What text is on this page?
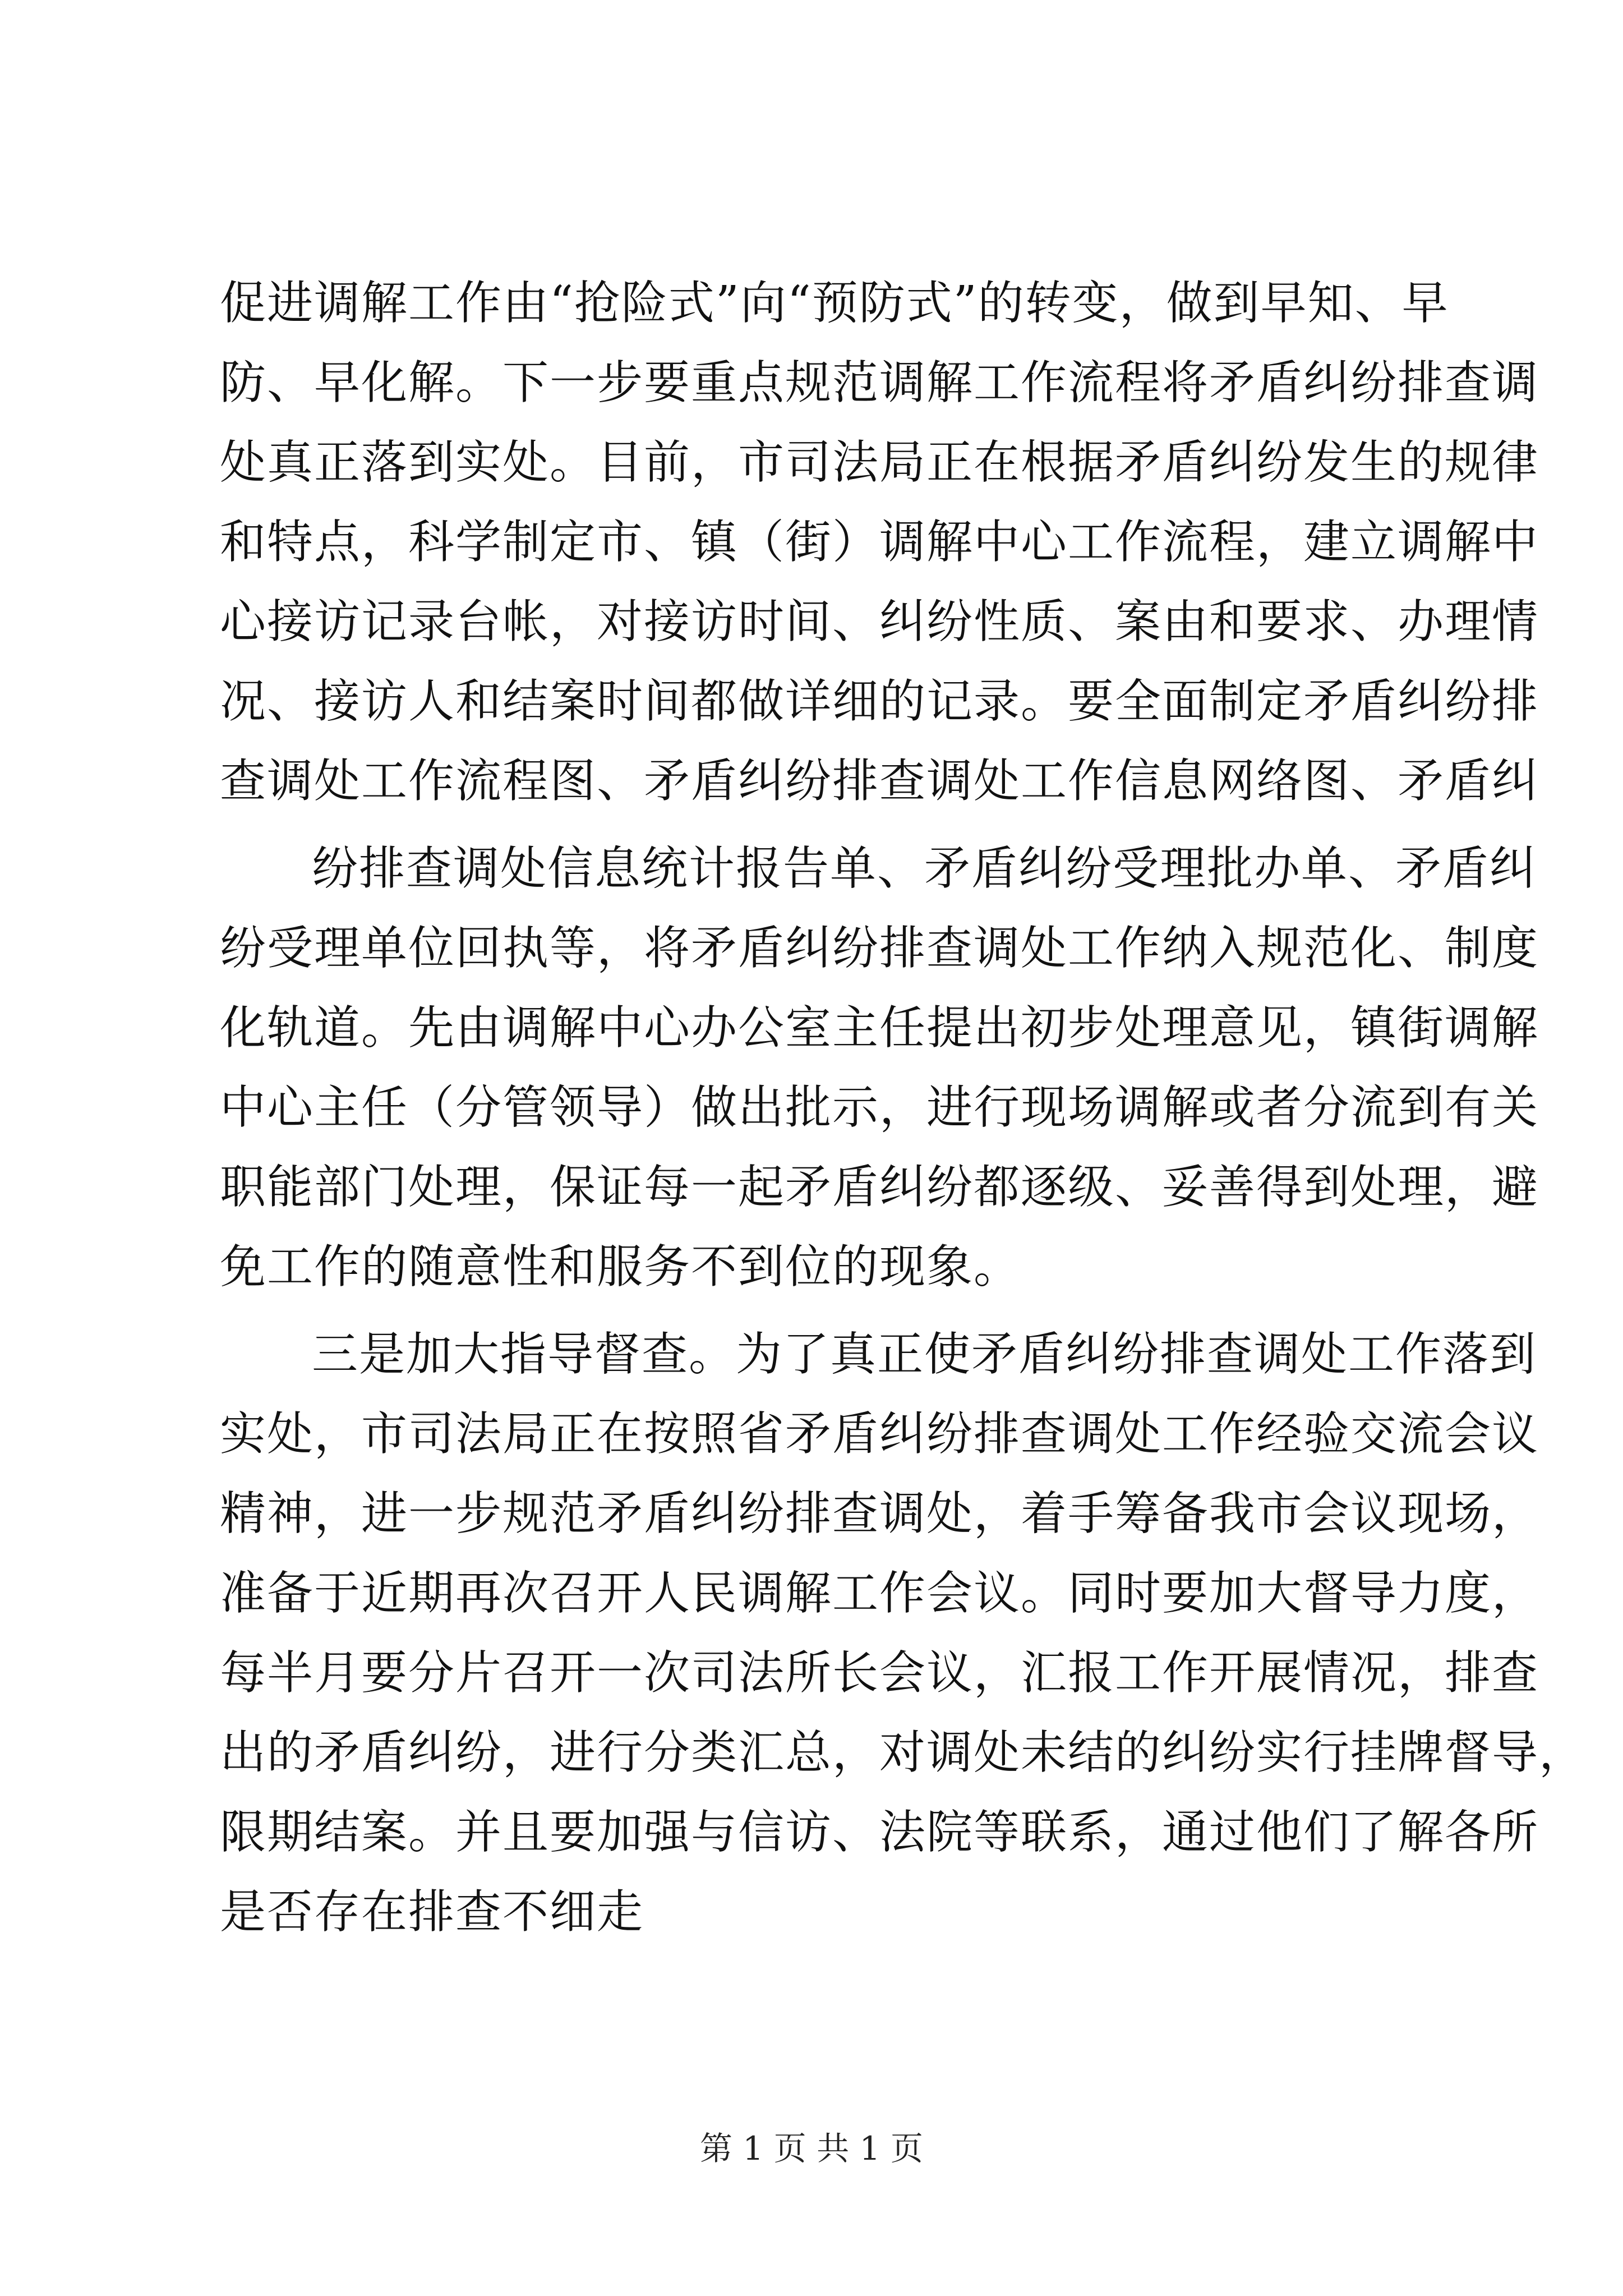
促进调解工作由“抢险式”向“预防式”的转变，做到早知、早
防、早化解。下一步要重点规范调解工作流程将矛盾纠纷排查调
处真正落到实处。目前，市司法局正在根据矛盾纠纷发生的规律
和特点，科学制定市、镇（街）调解中心工作流程，建立调解中
心接访记录台帐，对接访时间、纠纷性质、案由和要求、办理情
况、接访人和结案时间都做详细的记录。要全面制定矛盾纠纷排
查调处工作流程图、矛盾纠纷排查调处工作信息网络图、矛盾纠
纷排查调处信息统计报告单、矛盾纠纷受理批办单、矛盾纠
纷受理单位回执等，将矛盾纠纷排查调处工作纳入规范化、制度
化轨道。先由调解中心办公室主任提出初步处理意见，镇街调解
中心主任（分管领导）做出批示，进行现场调解或者分流到有关
职能部门处理，保证每一起矛盾纠纷都逐级、妥善得到处理，避
免工作的随意性和服务不到位的现象。
三是加大指导督查。为了真正使矛盾纠纷排查调处工作落到
实处，市司法局正在按照省矛盾纠纷排查调处工作经验交流会议
精神，进一步规范矛盾纠纷排查调处，着手筹备我市会议现场，
准备于近期再次召开人民调解工作会议。同时要加大督导力度，
每半月要分片召开一次司法所长会议，汇报工作开展情况，排查
出的矛盾纠纷，进行分类汇总，对调处未结的纠纷实行挂牌督导，
限期结案。并且要加强与信访、法院等联系，通过他们了解各所
是否存在排查不细走
第 1 页 共 1 页
